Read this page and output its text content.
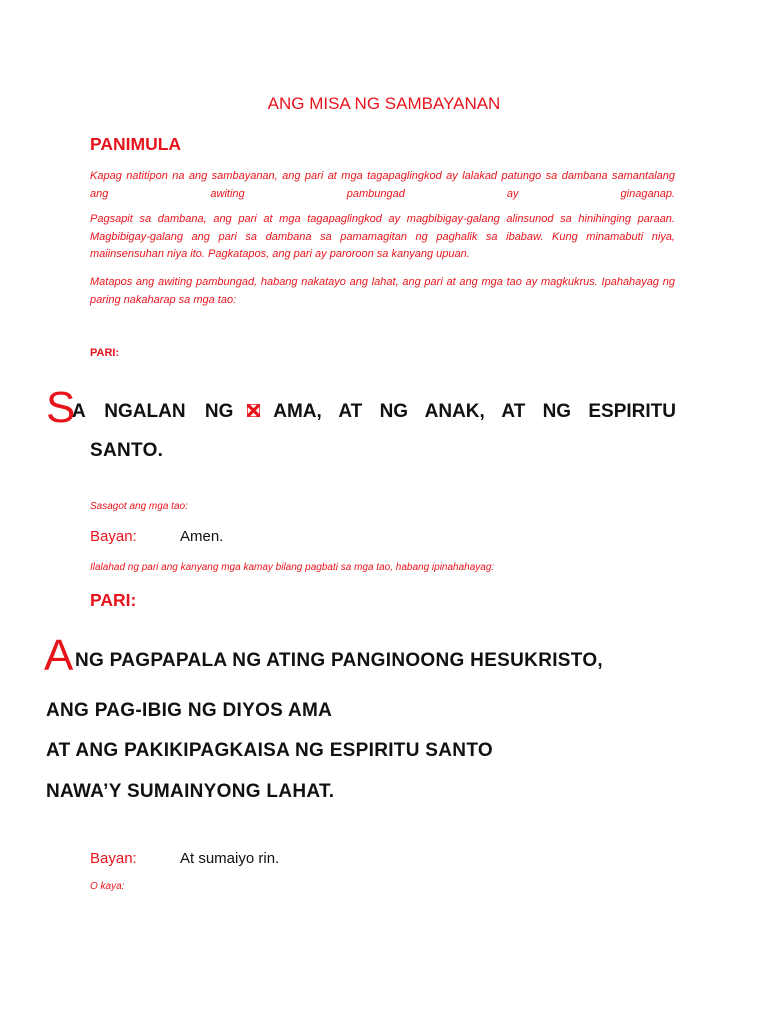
ANG MISA NG SAMBAYANAN
PANIMULA
Kapag natitipon na ang sambayanan, ang pari at mga tagapaglingkod ay lalakad patungo sa dambana samantalang ang awiting pambungad ay ginaganap.
Pagsapit sa dambana, ang pari at mga tagapaglingkod ay magbibigay-galang alinsunod sa hinihinging paraan. Magbibigay-galang ang pari sa dambana sa pamamagitan ng paghalik sa ibabaw. Kung minamabuti niya, maiinsensuhan niya ito. Pagkatapos, ang pari ay paroroon sa kanyang upuan.
Matapos ang awiting pambungad, habang nakatayo ang lahat, ang pari at ang mga tao ay magkukrus. Ipahahayag ng paring nakaharap sa mga tao:
PARI:
S
A NGALAN NG AMA, AT NG ANAK, AT NG ESPIRITU
SANTO.
Sasagot ang mga tao:
Bayan:	Amen.
Ilalahad ng pari ang kanyang mga kamay bilang pagbati sa mga tao, habang ipinahahayag:
PARI:
A NG PAGPAPALA NG ATING PANGINOONG HESUKRISTO,
ANG PAG-IBIG NG DIYOS AMA
AT ANG PAKIKIPAGKAISA NG ESPIRITU SANTO
NAWA’Y SUMAINYONG LAHAT.
Bayan:	At sumaiyo rin.
O kaya:
